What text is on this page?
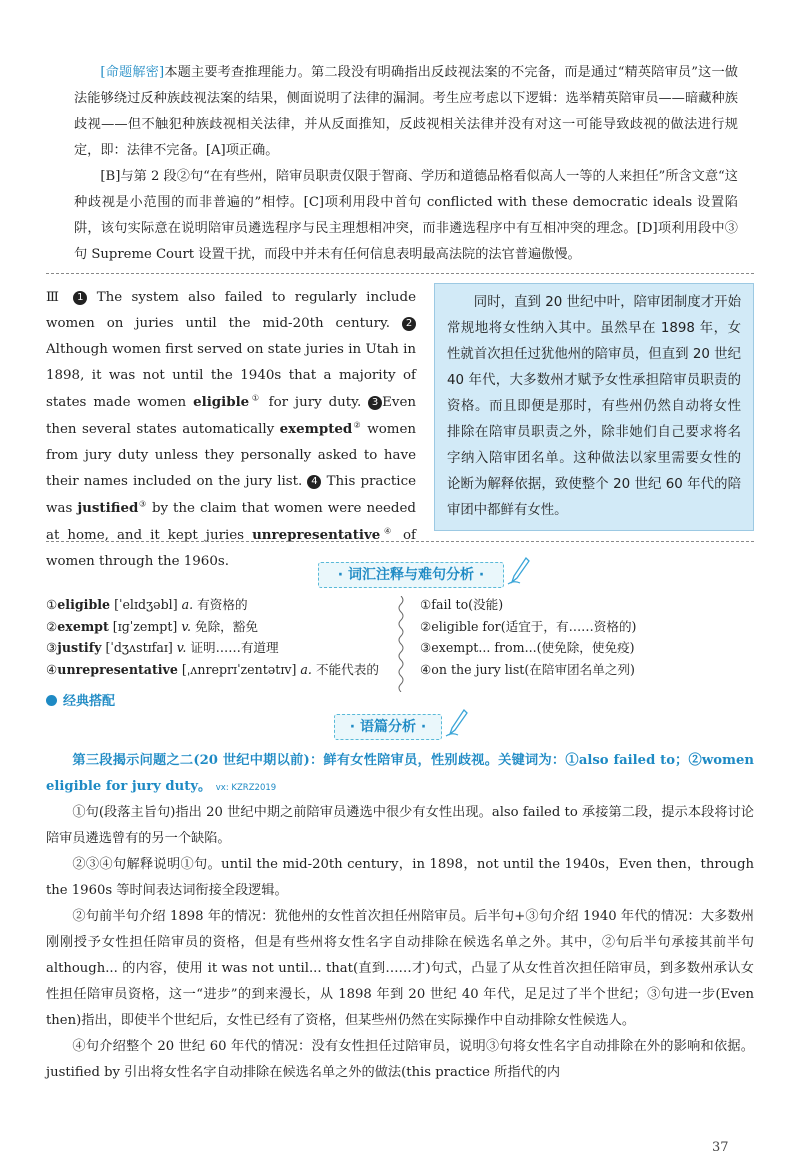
[命题解密]本题主要考查推理能力。第二段没有明确指出反歧视法案的不完备，而是通过“精英陪审员”这一做法能够绕过反种族歧视法案的结果，侧面说明了法律的漏洞。考生应考虑以下逻辑：选举精英陪审员——暗藏种族歧视——但不触犯种族歧视相关法律，并从反面推知，反歧视相关法律并没有对这一可能导致歧视的做法进行规定，即：法律不完备。[A]项正确。
[B]与第 2 段②句“在有些州，陪审员职责仅限于智商、学历和道德品格看似高人一等的人来担任”所含文意“这种歧视是小范围的而非普遍的”相悖。[C]项利用段中首句 conflicted with these democratic ideals 设置陷阱，该句实际意在说明陪审员遴选程序与民主理想相冲突，而非遴选程序中有互相冲突的理念。[D]项利用段中③句 Supreme Court 设置干扰，而段中并未有任何信息表明最高法院的法官普遍傲慢。
Ⅲ 1 The system also failed to regularly include women on juries until the mid-20th century. 2 Although women first served on state juries in Utah in 1898, it was not until the 1940s that a majority of states made women eligible① for jury duty. 3 Even then several states automatically exempted② women from jury duty unless they personally asked to have their names included on the jury list. 4 This practice was justified③ by the claim that women were needed at home, and it kept juries unrepresentative④ of women through the 1960s.
同时，直到 20 世纪中叶，陪审团制度才开始常规地将女性纳入其中。虽然早在 1898 年，女性就首次担任过犹他州的陪审员，但直到 20 世纪 40 年代，大多数州才赋予女性承担陪审员职责的资格。而且即便是那时，有些州仍然自动将女性排除在陪审员职责之外，除非她们自己要求将名字纳入陪审团名单。这种做法以家里需要女性的论断为解释依据，致使整个 20 世纪 60 年代的陪审团中都鲜有女性。
· 词汇注释与难句分析 ·
①eligible [ˈelɪdʒəbl] a. 有资格的
②exempt [ɪɡˈzempt] v. 免除，豁免
③justify [ˈdʒʌstɪfaɪ] v. 证明……有道理
④unrepresentative [ˌʌnreprɪˈzentətɪv] a. 不能代表的
①fail to(没能)
②eligible for(适宜于，有……资格的)
③exempt... from...(使免除，使免疫)
④on the jury list(在陪审团名单之列)
经典搭配
· 语篇分析 ·
第三段揭示问题之二(20 世纪中期以前)：鲜有女性陪审员，性别歧视。关键词为：①also failed to；②women eligible for jury duty。 vx: KZRZ2019
①句(段落主旨句)指出 20 世纪中期之前陪审员遴选中很少有女性出现。also failed to 承接第二段，提示本段将讨论陪审员遴选曾有的另一个缺陷。
②③④句解释说明①句。until the mid-20th century，in 1898，not until the 1940s，Even then，through the 1960s 等时间表达词衔接全段逻辑。
②句前半句介绍 1898 年的情况：犹他州的女性首次担任州陪审员。后半句+③句介绍 1940 年代的情况：大多数州刚刚授予女性担任陪审员的资格，但是有些州将女性名字自动排除在候选名单之外。其中，②句后半句承接其前半句 although... 的内容，使用 it was not until... that(直到……才)句式，凸显了从女性首次担任陪审员，到多数州承认女性担任陪审员资格，这一“进步”的到来漫长，从 1898 年到 20 世纪 40 年代，足足过了半个世纪；③句进一步(Even then)指出，即使半个世纪后，女性已经有了资格，但某些州仍然在实际操作中自动排除女性候选人。
④句介绍整个 20 世纪 60 年代的情况：没有女性担任过陪审员，说明③句将女性名字自动排除在外的影响和依据。justified by 引出将女性名字自动排除在候选名单之外的做法(this practice 所指代的内
37
